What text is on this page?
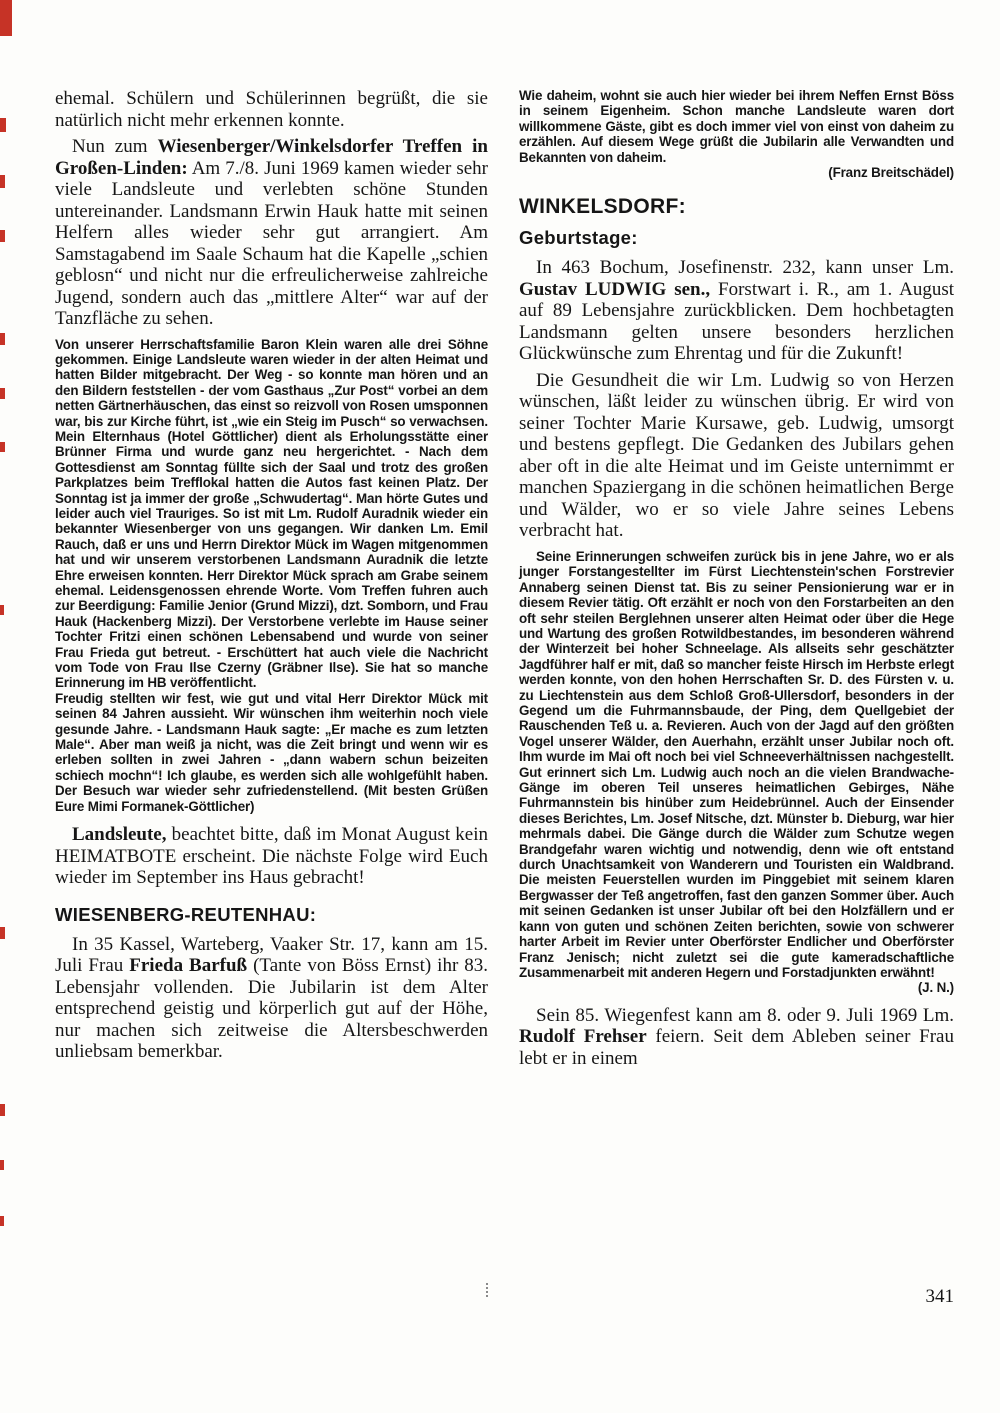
ehemal. Schülern und Schülerinnen begrüßt, die sie natürlich nicht mehr erkennen konnte.

Nun zum Wiesenberger/Winkelsdorfer Treffen in Großen-Linden: Am 7./8. Juni 1969 kamen wieder sehr viele Landsleute und verlebten schöne Stunden untereinander. Landsmann Erwin Hauk hatte mit seinen Helfern alles wieder sehr gut arrangiert. Am Samstagabend im Saale Schaum hat die Kapelle „schien geblosn“ und nicht nur die erfreulicherweise zahlreiche Jugend, sondern auch das „mittlere Alter“ war auf der Tanzfläche zu sehen.

Von unserer Herrschaftsfamilie Baron Klein waren alle drei Söhne gekommen. Einige Landsleute waren wieder in der alten Heimat und hatten Bilder mitgebracht. Der Weg - so konnte man hören und an den Bildern feststellen - der vom Gasthaus „Zur Post“ vorbei an dem netten Gärtnerhäuschen, das einst so reizvoll von Rosen umsponnen war, bis zur Kirche führt, ist „wie ein Steig im Pusch“ so verwachsen. Mein Elternhaus (Hotel Göttlicher) dient als Erholungsstätte einer Brünner Firma und wurde ganz neu hergerichtet. - Nach dem Gottesdienst am Sonntag füllte sich der Saal und trotz des großen Parkplatzes beim Trefflokal hatten die Autos fast keinen Platz. Der Sonntag ist ja immer der große „Schwudertag“. Man hörte Gutes und leider auch viel Trauriges. So ist mit Lm. Rudolf Auradnik wieder ein bekannter Wiesenberger von uns gegangen. Wir danken Lm. Emil Rauch, daß er uns und Herrn Direktor Mück im Wagen mitgenommen hat und wir unserem verstorbenen Landsmann Auradnik die letzte Ehre erweisen konnten. Herr Direktor Mück sprach am Grabe seinem ehemal. Leidensgenossen ehrende Worte. Vom Treffen fuhren auch zur Beerdigung: Familie Jenior (Grund Mizzi), dzt. Somborn, und Frau Hauk (Hackenberg Mizzi). Der Verstorbene verlebte im Hause seiner Tochter Fritzi einen schönen Lebensabend und wurde von seiner Frau Frieda gut betreut. - Erschüttert hat auch viele die Nachricht vom Tode von Frau Ilse Czerny (Gräbner Ilse). Sie hat so manche Erinnerung im HB veröffentlicht.

Freudig stellten wir fest, wie gut und vital Herr Direktor Mück mit seinen 84 Jahren aussieht. Wir wünschen ihm weiterhin noch viele gesunde Jahre. - Landsmann Hauk sagte: „Er mache es zum letzten Male“. Aber man weiß ja nicht, was die Zeit bringt und wenn wir es erleben sollten in zwei Jahren - „dann wabern schun beizeiten schiech mochn“! Ich glaube, es werden sich alle wohlgefühlt haben. Der Besuch war wieder sehr zufriedenstellend. (Mit besten Grüßen Eure Mimi Formanek-Göttlicher)

Landsleute, beachtet bitte, daß im Monat August kein HEIMATBOTE erscheint. Die nächste Folge wird Euch wieder im September ins Haus gebracht!

WIESENBERG-REUTENHAU:

In 35 Kassel, Warteberg, Vaaker Str. 17, kann am 15. Juli Frau Frieda Barfuß (Tante von Böss Ernst) ihr 83. Lebensjahr vollenden. Die Jubilarin ist dem Alter entsprechend geistig und körperlich gut auf der Höhe, nur machen sich zeitweise die Altersbeschwerden unliebsam bemerkbar.

Wie daheim, wohnt sie auch hier wieder bei ihrem Neffen Ernst Böss in seinem Eigenheim. Schon manche Landsleute waren dort willkommene Gäste, gibt es doch immer viel von einst von daheim zu erzählen. Auf diesem Wege grüßt die Jubilarin alle Verwandten und Bekannten von daheim.

(Franz Breitschädel)

WINKELSDORF:
Geburtstage:

In 463 Bochum, Josefinenstr. 232, kann unser Lm. Gustav LUDWIG sen., Forstwart i. R., am 1. August auf 89 Lebensjahre zurückblicken. Dem hochbetagten Landsmann gelten unsere besonders herzlichen Glückwünsche zum Ehrentag und für die Zukunft!

Die Gesundheit die wir Lm. Ludwig so von Herzen wünschen, läßt leider zu wünschen übrig. Er wird von seiner Tochter Marie Kursawe, geb. Ludwig, umsorgt und bestens gepflegt. Die Gedanken des Jubilars gehen aber oft in die alte Heimat und im Geiste unternimmt er manchen Spaziergang in die schönen heimatlichen Berge und Wälder, wo er so viele Jahre seines Lebens verbracht hat.

Seine Erinnerungen schweifen zurück bis in jene Jahre, wo er als junger Forstangestellter im Fürst Liechtenstein'schen Forstrevier Annaberg seinen Dienst tat. Bis zu seiner Pensionierung war er in diesem Revier tätig. Oft erzählt er noch von den Forstarbeiten an den oft sehr steilen Berglehnen unserer alten Heimat oder über die Hege und Wartung des großen Rotwildbestandes, im besonderen während der Winterzeit bei hoher Schneelage. Als allseits sehr geschätzter Jagdführer half er mit, daß so mancher feiste Hirsch im Herbste erlegt werden konnte, von den hohen Herrschaften Sr. D. des Fürsten v. u. zu Liechtenstein aus dem Schloß Groß-Ullersdorf, besonders in der Gegend um die Fuhrmannsbaude, der Ping, dem Quellgebiet der Rauschenden Teß u. a. Revieren. Auch von der Jagd auf den größten Vogel unserer Wälder, den Auerhahn, erzählt unser Jubilar noch oft. Ihm wurde im Mai oft noch bei viel Schneeverhältnissen nachgestellt. Gut erinnert sich Lm. Ludwig auch noch an die vielen Brandwache-Gänge im oberen Teil unseres heimatlichen Gebirges, Nähe Fuhrmannstein bis hinüber zum Heidebrünnel. Auch der Einsender dieses Berichtes, Lm. Josef Nitsche, dzt. Münster b. Dieburg, war hier mehrmals dabei. Die Gänge durch die Wälder zum Schutze wegen Brandgefahr waren wichtig und notwendig, denn wie oft entstand durch Unachtsamkeit von Wanderern und Touristen ein Waldbrand. Die meisten Feuerstellen wurden im Pinggebiet mit seinem klaren Bergwasser der Teß angetroffen, fast den ganzen Sommer über. Auch mit seinen Gedanken ist unser Jubilar oft bei den Holzfällern und er kann von guten und schönen Zeiten berichten, sowie von schwerer harter Arbeit im Revier unter Oberförster Endlicher und Oberförster Franz Jenisch; nicht zuletzt sei die gute kameradschaftliche Zusammenarbeit mit anderen Hegern und Forstadjunkten erwähnt!

(J. N.)

Sein 85. Wiegenfest kann am 8. oder 9. Juli 1969 Lm. Rudolf Frehser feiern. Seit dem Ableben seiner Frau lebt er in einem

341
